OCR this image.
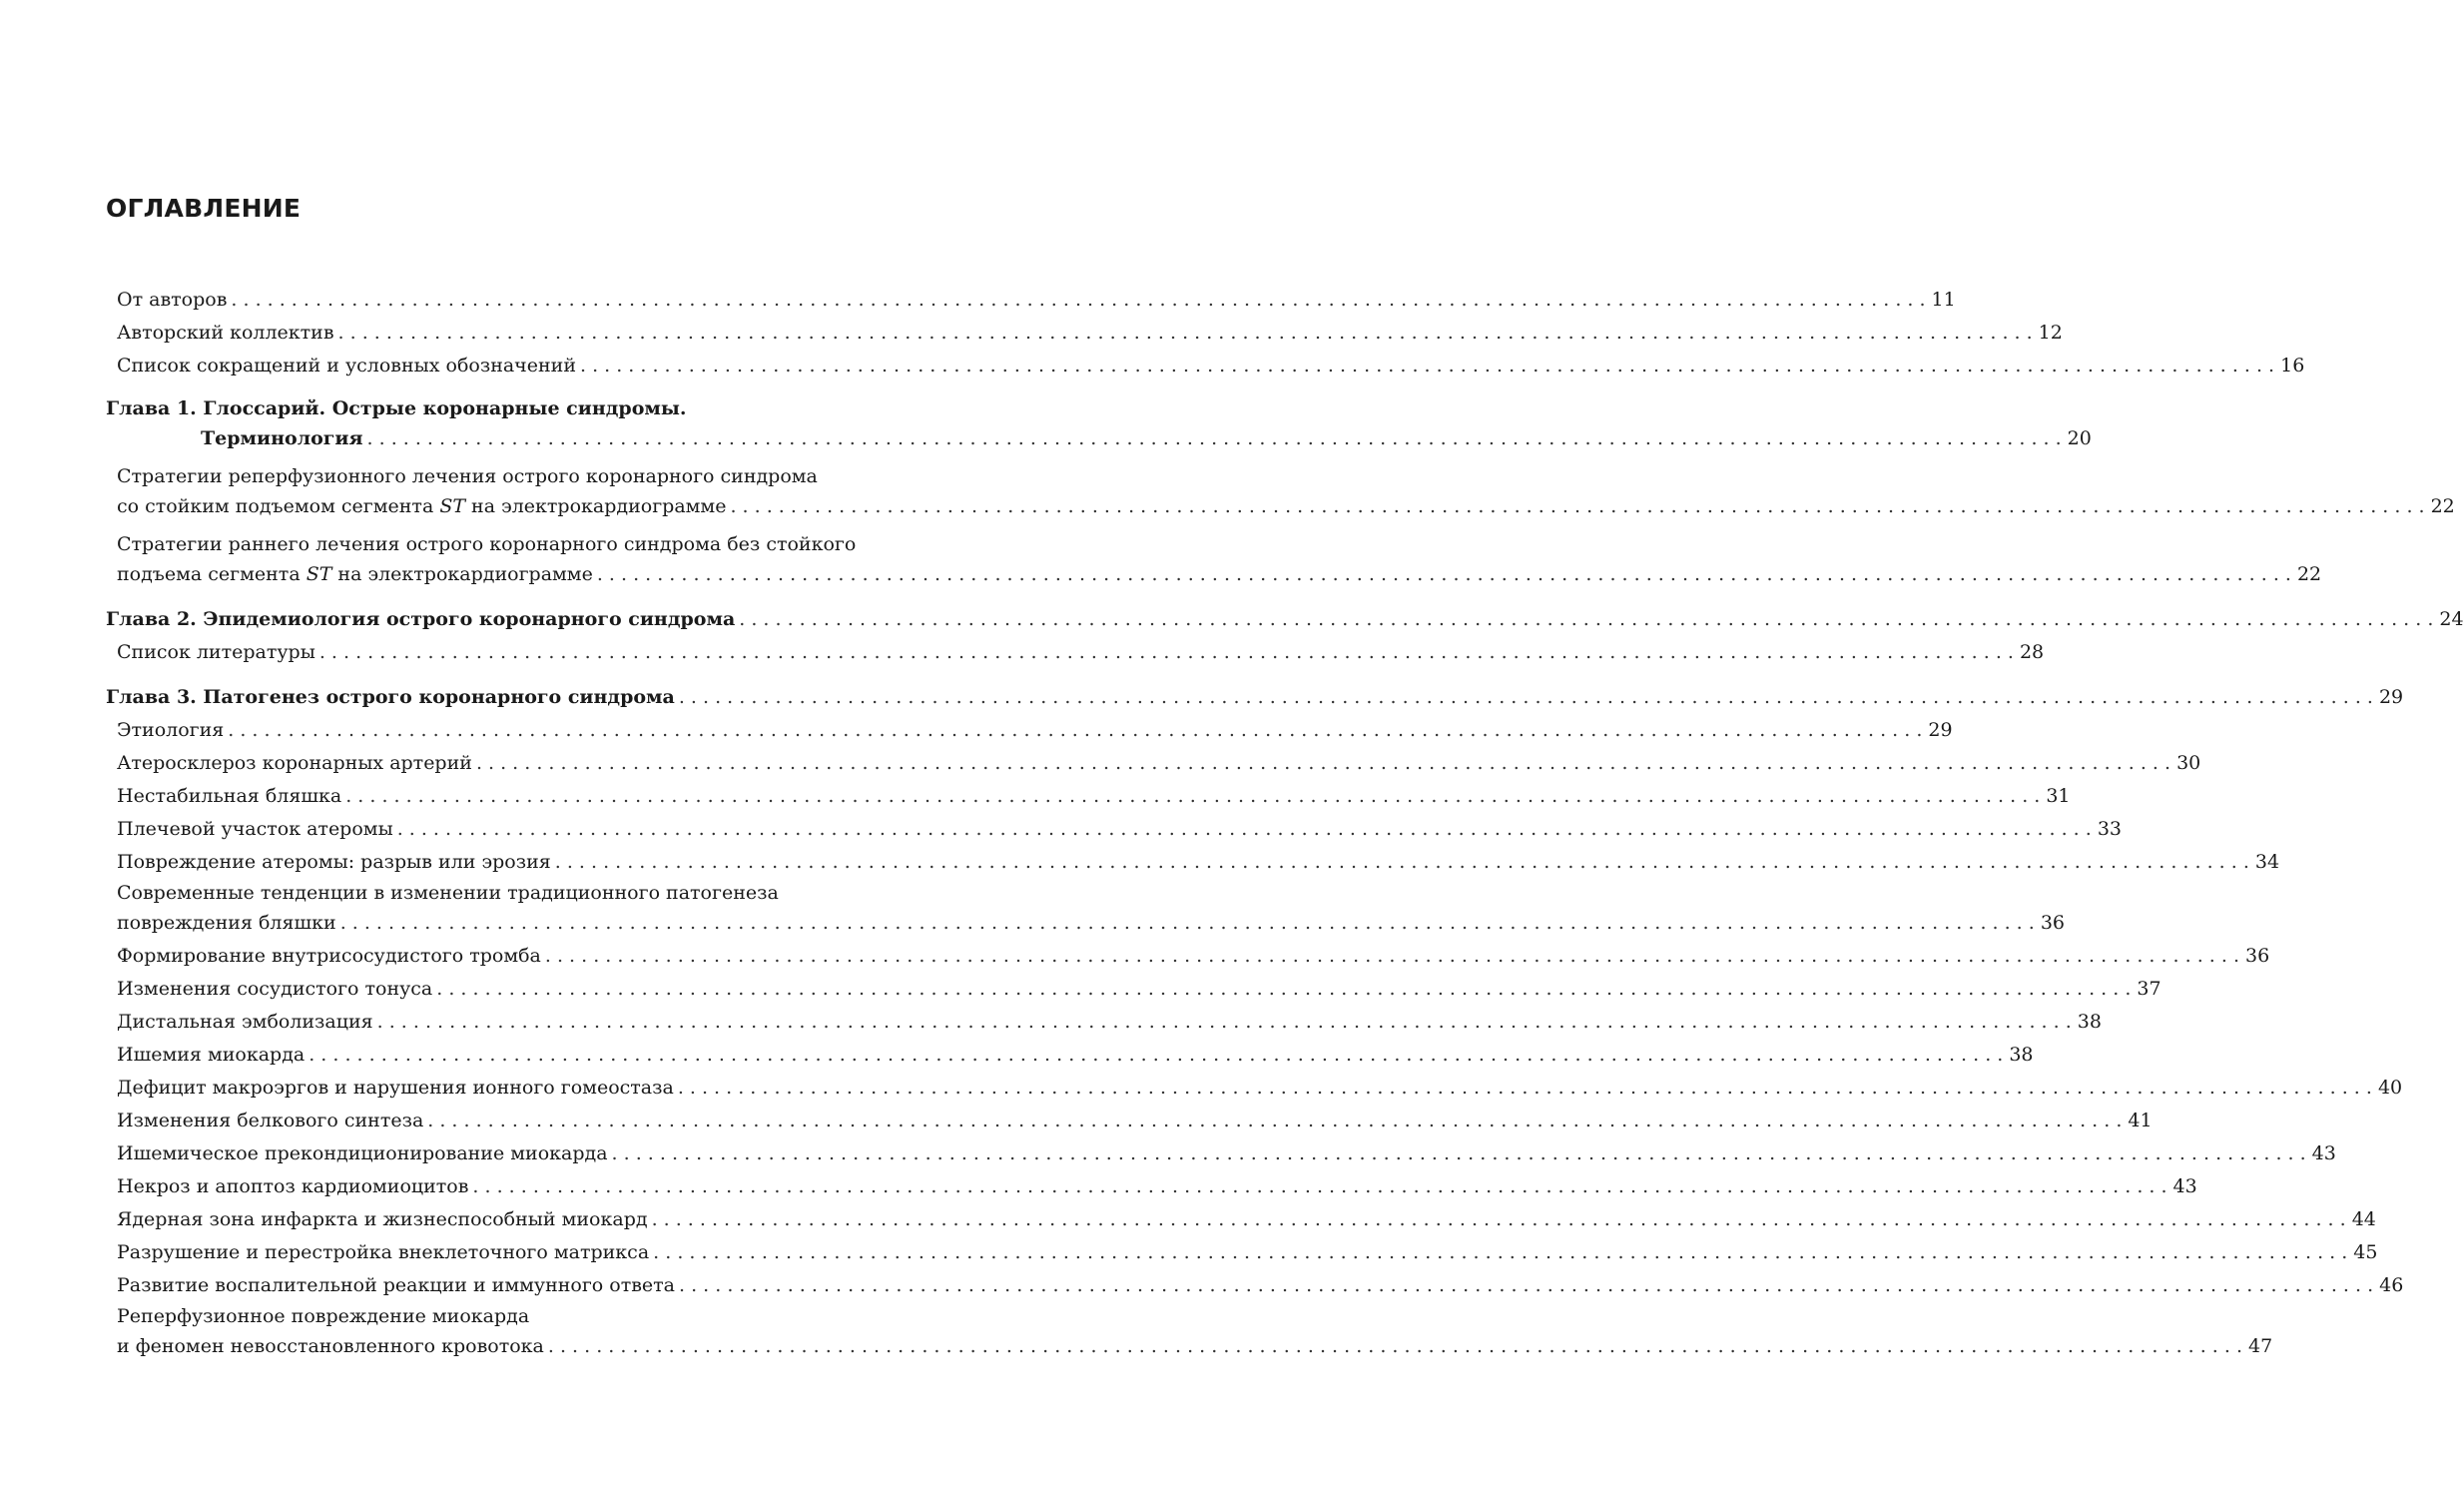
ОГЛАВЛЕНИЕ
От авторов . . .	11
Авторский коллектив . . .	12
Список сокращений и условных обозначений . . .	16
Глава 1. Глоссарий. Острые коронарные синдромы.
Терминология . . .	20
Стратегии реперфузионного лечения острого коронарного синдрома
со стойким подъемом сегмента ST на электрокардиограмме . . .	22
Стратегии раннего лечения острого коронарного синдрома без стойкого
подъема сегмента ST на электрокардиограмме . . .	22
Глава 2. Эпидемиология острого коронарного синдрома . . .	24
Список литературы . . .	28
Глава 3. Патогенез острого коронарного синдрома . . .	29
Этиология . . .	29
Атеросклероз коронарных артерий . . .	30
Нестабильная бляшка . . .	31
Плечевой участок атеромы . . .	33
Повреждение атеромы: разрыв или эрозия . . .	34
Современные тенденции в изменении традиционного патогенеза
повреждения бляшки . . .	36
Формирование внутрисосудистого тромба . . .	36
Изменения сосудистого тонуса . . .	37
Дистальная эмболизация . . .	38
Ишемия миокарда . . .	38
Дефицит макроэргов и нарушения ионного гомеостаза . . .	40
Изменения белкового синтеза . . .	41
Ишемическое прекондиционирование миокарда . . .	43
Некроз и апоптоз кардиомиоцитов . . .	43
Ядерная зона инфаркта и жизнеспособный миокард . . .	44
Разрушение и перестройка внеклеточного матрикса . . .	45
Развитие воспалительной реакции и иммунного ответа . . .	46
Реперфузионное повреждение миокарда
и феномен невосстановленного кровотока . . .	47
